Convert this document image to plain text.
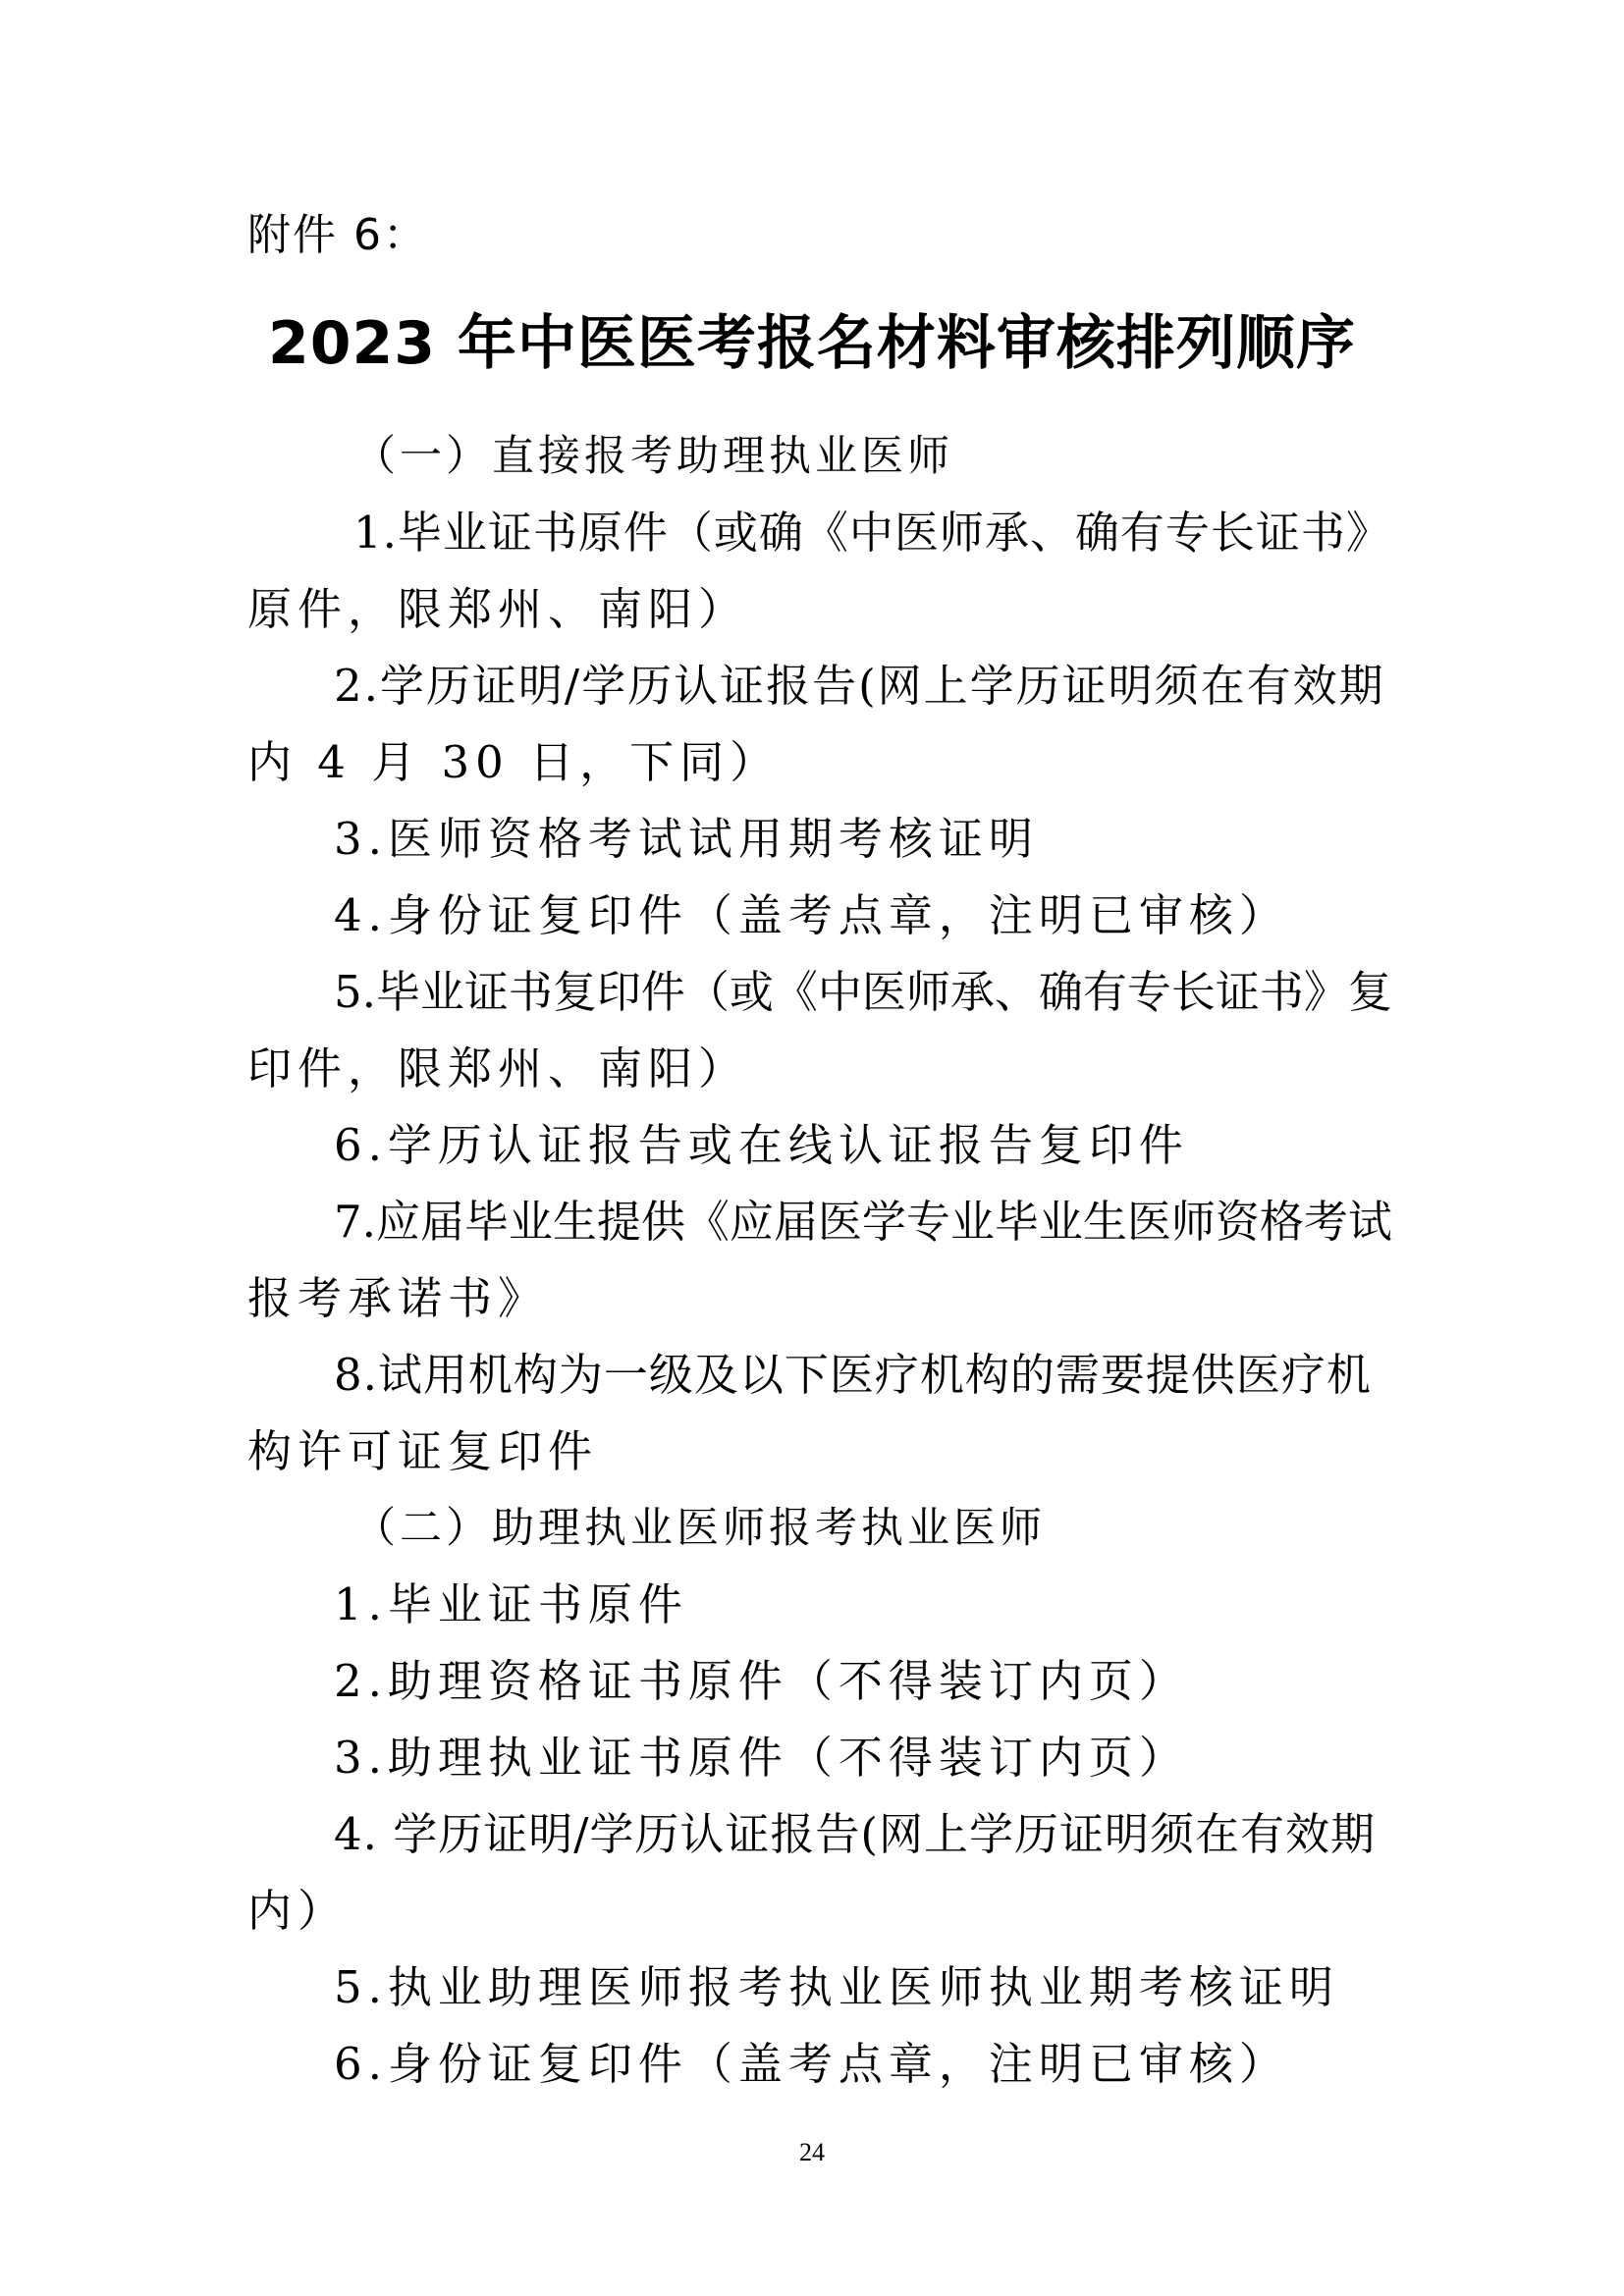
附件 6：
2023 年中医医考报名材料审核排列顺序
（一）直接报考助理执业医师
1.毕业证书原件（或确《中医师承、确有专长证书》
原件，限郑州、南阳）
2.学历证明/学历认证报告(网上学历证明须在有效期
内 4 月 30 日，下同）
3.医师资格考试试用期考核证明
4.身份证复印件（盖考点章，注明已审核）
5.毕业证书复印件（或《中医师承、确有专长证书》复
印件，限郑州、南阳）
6.学历认证报告或在线认证报告复印件
7.应届毕业生提供《应届医学专业毕业生医师资格考试
报考承诺书》
8.试用机构为一级及以下医疗机构的需要提供医疗机
构许可证复印件
（二）助理执业医师报考执业医师
1.毕业证书原件
2.助理资格证书原件（不得装订内页）
3.助理执业证书原件（不得装订内页）
4. 学历证明/学历认证报告(网上学历证明须在有效期
内）
5.执业助理医师报考执业医师执业期考核证明
6.身份证复印件（盖考点章，注明已审核）
24
